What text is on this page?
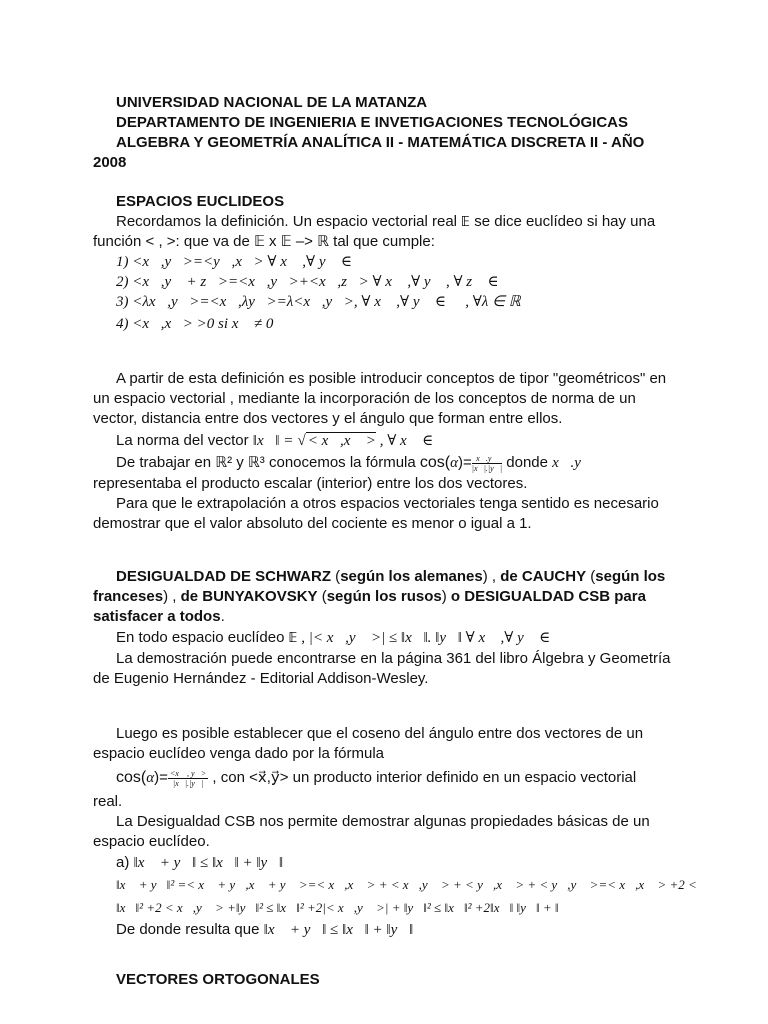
UNIVERSIDAD NACIONAL DE LA MATANZA
DEPARTAMENTO DE INGENIERIA E INVETIGACIONES TECNOLÓGICAS
ALGEBRA Y GEOMETRÍA ANALÍTICA II - MATEMÁTICA DISCRETA II - AÑO
2008
ESPACIOS EUCLIDEOS
Recordamos la definición. Un espacio vectorial real 𝔼 se dice euclídeo si hay una
función < , >: que va de 𝔼 x 𝔼 –> ℝ tal que cumple:
1) <x⃗,y⃗>=<y⃗,x⃗> ∀ x⃗ ,∀ y⃗ ∈ 𝔼
2) <x⃗,y⃗ + z⃗>=<x⃗,y⃗>+<x⃗,z⃗> ∀ x⃗ ,∀ y⃗ , ∀ z⃗ ∈ 𝔼
3) <λx⃗,y⃗>=<x⃗,λy⃗>=λ<x⃗,y⃗>, ∀ x⃗ ,∀ y⃗ ∈ 𝔼 , ∀λ ∈ ℝ
4) <x⃗,x⃗> >0 si x⃗ ≠ 0⃗
A partir de esta definición es posible introducir conceptos de tipor "geométricos" en
un espacio vectorial , mediante la incorporación de los conceptos de norma de un
vector, distancia entre dos vectores y el ángulo que forman entre ellos.
La norma del vector ‖x⃗‖ = √ < x⃗,x⃗ > , ∀ x⃗ ∈ 𝔼
De trabajar en ℝ² y ℝ³ conocemos la fórmula $\cos(\alpha)= \frac{x⃗.y⃗}{|x⃗|.|y⃗|}$ donde x⃗.y⃗
representaba el producto escalar (interior) entre los dos vectores.
Para que le extrapolación a otros espacios vectoriales tenga sentido es necesario
demostrar que el valor absoluto del cociente es menor o igual a 1.
DESIGUALDAD DE SCHWARZ (según los alemanes) , de CAUCHY (según los
franceses) , de BUNYAKOVSKY (según los rusos) o DESIGUALDAD CSB para
satisfacer a todos.
En todo espacio euclídeo 𝔼 , |< x⃗,y⃗ >| ≤ ‖x⃗‖. ‖y⃗‖ ∀ x⃗ ,∀ y⃗ ∈ 𝔼
La demostración puede encontrarse en la página 361 del libro Álgebra y Geometría
de Eugenio Hernández - Editorial Addison-Wesley.
Luego es posible establecer que el coseno del ángulo entre dos vectores de un
espacio euclídeo venga dado por la fórmula
$\cos(\alpha)= \frac{<x⃗ , y⃗>}{|x⃗|.|y⃗|}$ , con <x⃗,y⃗> un producto interior definido en un espacio vectorial
real.
La Desigualdad CSB nos permite demostrar algunas propiedades básicas de un
espacio euclídeo.
a) ‖x⃗ + y⃗‖ ≤ ‖x⃗‖ + ‖y⃗‖
‖x⃗ + y⃗‖² =< x⃗ + y⃗,x⃗ + y⃗ >=< x⃗,x⃗ > + < x⃗,y⃗ > + < y⃗,x⃗ > + < y⃗,y⃗ >=< x⃗,x⃗ > +2 <
‖x⃗‖² +2 < x⃗,y⃗ > +‖y⃗‖² ≤ ‖x⃗‖² +2|< x⃗,y⃗ >| + ‖y⃗‖² ≤ ‖x⃗‖² +2‖x⃗‖ ‖y⃗‖ + ‖
De donde resulta que ‖x⃗ + y⃗‖ ≤ ‖x⃗‖ + ‖y⃗‖
VECTORES ORTOGONALES
